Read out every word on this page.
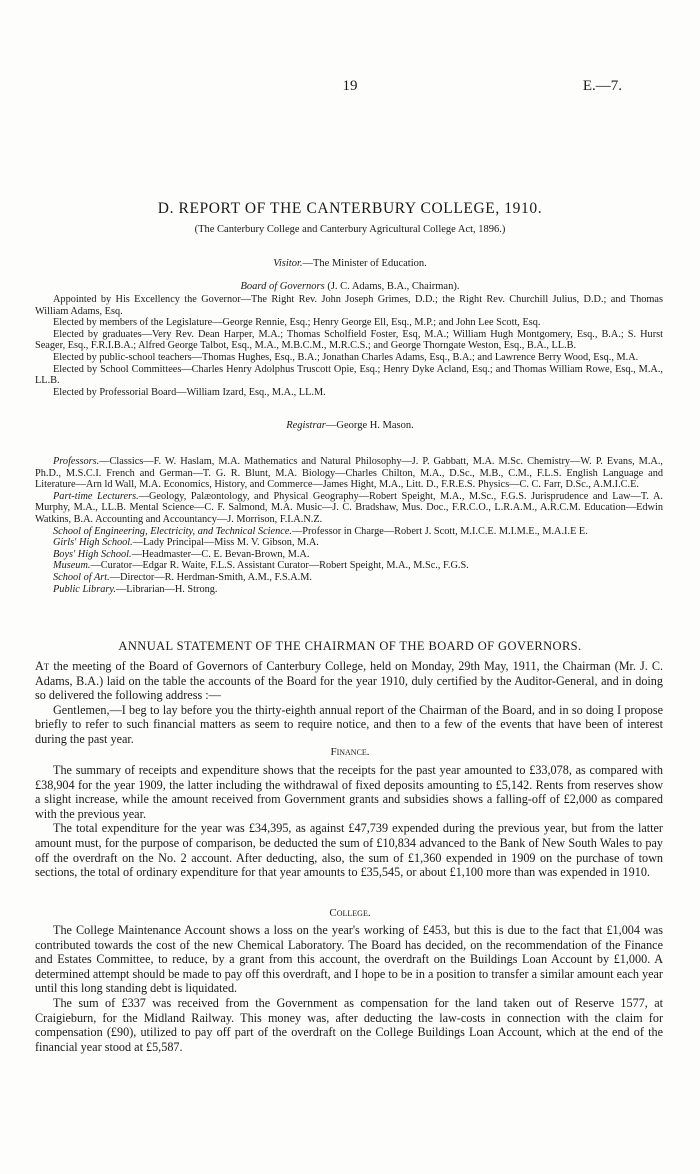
19	E.—7.
D. REPORT OF THE CANTERBURY COLLEGE, 1910.
(The Canterbury College and Canterbury Agricultural College Act, 1896.)
Visitor.—The Minister of Education.
Board of Governors (J. C. Adams, B.A., Chairman).

Appointed by His Excellency the Governor—The Right Rev. John Joseph Grimes, D.D.; the Right Rev. Churchill Julius, D.D.; and Thomas William Adams, Esq.

Elected by members of the Legislature—George Rennie, Esq.; Henry George Ell, Esq., M.P.; and John Lee Scott, Esq.

Elected by graduates—Very Rev. Dean Harper, M.A.; Thomas Scholfield Foster, Esq, M.A.; William Hugh Montgomery, Esq., B.A.; S. Hurst Seager, Esq., F.R.I.B.A.; Alfred George Talbot, Esq., M.A., M.B.C.M., M.R.C.S.; and George Thorngate Weston, Esq., B.A., LL.B.

Elected by public-school teachers—Thomas Hughes, Esq., B.A.; Jonathan Charles Adams, Esq., B.A.; and Lawrence Berry Wood, Esq., M.A.

Elected by School Committees—Charles Henry Adolphus Truscott Opie, Esq.; Henry Dyke Acland, Esq.; and Thomas William Rowe, Esq., M.A., LL.B.

Elected by Professorial Board—William Izard, Esq., M.A., LL.M.

Registrar—George H. Mason.

Professors.—Classics—F. W. Haslam, M.A. Mathematics and Natural Philosophy—J. P. Gabbatt, M.A. M.Sc. Chemistry—W. P. Evans, M.A., Ph.D., M.S.C.I. French and German—T. G. R. Blunt, M.A. Biology—Charles Chilton, M.A., D.Sc., M.B., C.M., F.L.S. English Language and Literature—Arn ld Wall, M.A. Economics, History, and Commerce—James Hight, M.A., Litt. D., F.R.E.S. Physics—C. C. Farr, D.Sc., A.M.I.C.E.

Part-time Lecturers.—Geology, Palæontology, and Physical Geography—Robert Speight, M.A., M.Sc., F.G.S. Jurisprudence and Law—T. A. Murphy, M.A., LL.B. Mental Science—C. F. Salmond, M.A. Music—J. C. Bradshaw, Mus. Doc., F.R.C.O., L.R.A.M., A.R.C.M. Education—Edwin Watkins, B.A. Accounting and Accountancy—J. Morrison, F.I.A.N.Z.

School of Engineering, Electricity, and Technical Science.—Professor in Charge—Robert J. Scott, M.I.C.E. M.I.M.E., M.A.I.E E.

Girls' High School.—Lady Principal—Miss M. V. Gibson, M.A.

Boys' High School.—Headmaster—C. E. Bevan-Brown, M.A.

Museum.—Curator—Edgar R. Waite, F.L.S. Assistant Curator—Robert Speight, M.A., M.Sc., F.G.S.

School of Art.—Director—R. Herdman-Smith, A.M., F.S.A.M.

Public Library.—Librarian—H. Strong.

ANNUAL STATEMENT OF THE CHAIRMAN OF THE BOARD OF GOVERNORS.

At the meeting of the Board of Governors of Canterbury College, held on Monday, 29th May, 1911, the Chairman (Mr. J. C. Adams, B.A.) laid on the table the accounts of the Board for the year 1910, duly certified by the Auditor-General, and in doing so delivered the following address :—

Gentlemen,—I beg to lay before you the thirty-eighth annual report of the Chairman of the Board, and in so doing I propose briefly to refer to such financial matters as seem to require notice, and then to a few of the events that have been of interest during the past year.

Finance.

The summary of receipts and expenditure shows that the receipts for the past year amounted to £33,078, as compared with £38,904 for the year 1909, the latter including the withdrawal of fixed deposits amounting to £5,142. Rents from reserves show a slight increase, while the amount received from Government grants and subsidies shows a falling-off of £2,000 as compared with the previous year.

The total expenditure for the year was £34,395, as against £47,739 expended during the previous year, but from the latter amount must, for the purpose of comparison, be deducted the sum of £10,834 advanced to the Bank of New South Wales to pay off the overdraft on the No. 2 account. After deducting, also, the sum of £1,360 expended in 1909 on the purchase of town sections, the total of ordinary expenditure for that year amounts to £35,545, or about £1,100 more than was expended in 1910.

College.

The College Maintenance Account shows a loss on the year's working of £453, but this is due to the fact that £1,004 was contributed towards the cost of the new Chemical Laboratory. The Board has decided, on the recommendation of the Finance and Estates Committee, to reduce, by a grant from this account, the overdraft on the Buildings Loan Account by £1,000. A determined attempt should be made to pay off this overdraft, and I hope to be in a position to transfer a similar amount each year until this long standing debt is liquidated.

The sum of £337 was received from the Government as compensation for the land taken out of Reserve 1577, at Craigieburn, for the Midland Railway. This money was, after deducting the law-costs in connection with the claim for compensation (£90), utilized to pay off part of the overdraft on the College Buildings Loan Account, which at the end of the financial year stood at £5,587.
